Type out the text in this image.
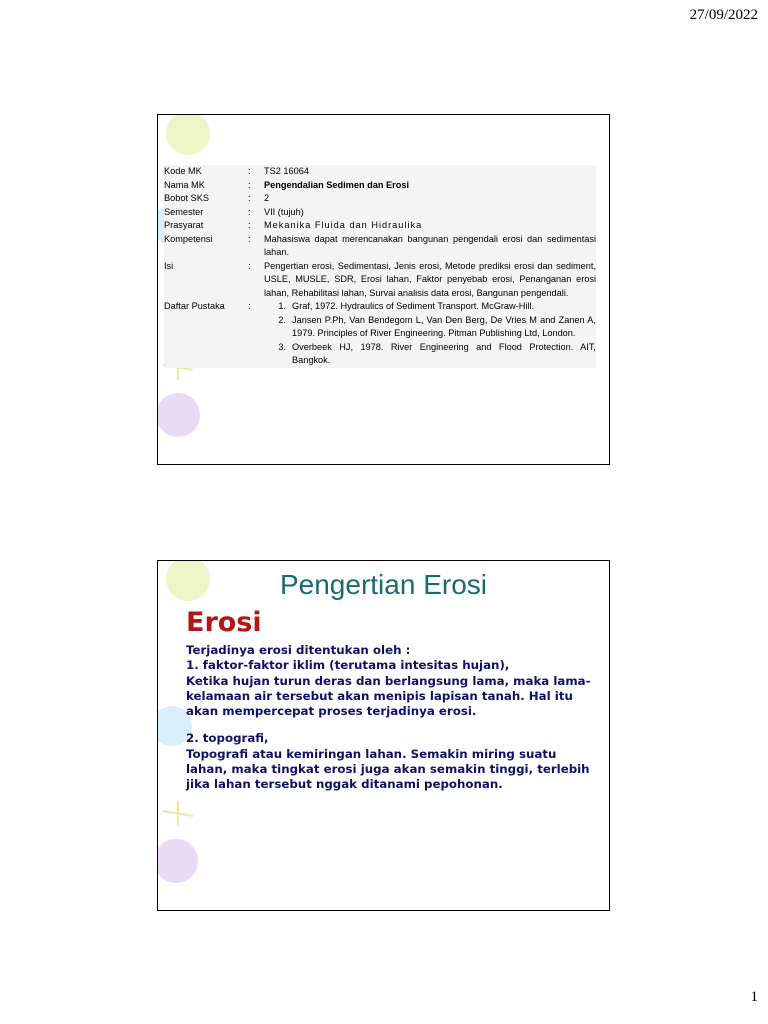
27/09/2022
Kode MK	:	TS2 16064
Nama MK	:	Pengendalian Sedimen dan Erosi
Bobot SKS	:	2
Semester	:	VII (tujuh)
Prasyarat	:	Mekanika Fluida dan Hidraulika
Kompetensi	:	Mahasiswa dapat merencanakan bangunan pengendali erosi dan sedimentasi lahan.
Isi	:	Pengertian erosi, Sedimentasi, Jenis erosi, Metode prediksi erosi dan sediment, USLE, MUSLE, SDR, Erosi lahan, Faktor penyebab erosi, Penanganan erosi lahan, Rehabilitasi lahan, Survai analisis data erosi, Bangunan pengendali.
Daftar Pustaka	:	1. Graf, 1972. Hydraulics of Sediment Transport. McGraw-Hill.
2. Jansen P.Ph, Van Bendegom L, Van Den Berg, De Vries M and Zanen A, 1979. Principles of River Engineering. Pitman Publishing Ltd, London.
3. Overbeek HJ, 1978. River Engineering and Flood Protection. AIT, Bangkok.
Pengertian Erosi
Erosi

Terjadinya erosi ditentukan oleh :

1. faktor-faktor iklim (terutama intesitas hujan),

Ketika hujan turun deras dan berlangsung lama, maka lama-kelamaan air tersebut akan menipis lapisan tanah. Hal itu akan mempercepat proses terjadinya erosi.

2. topografi,

Topografi atau kemiringan lahan. Semakin miring suatu lahan, maka tingkat erosi juga akan semakin tinggi, terlebih jika lahan tersebut nggak ditanami pepohonan.

1
